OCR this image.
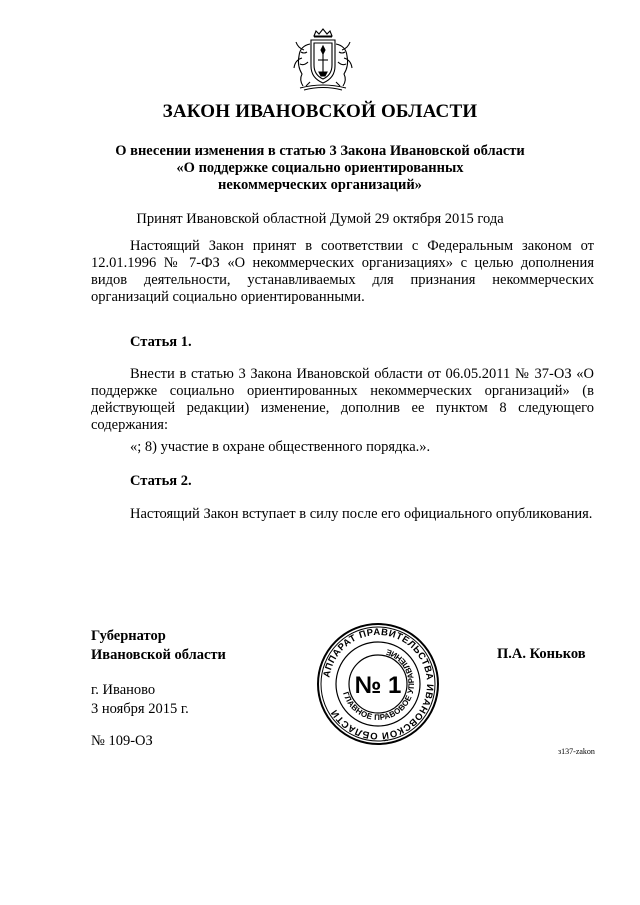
ЗАКОН ИВАНОВСКОЙ ОБЛАСТИ
О внесении изменения в статью 3 Закона Ивановской области
«О поддержке социально ориентированных
некоммерческих организаций»
Принят Ивановской областной Думой 29 октября 2015 года
Настоящий Закон принят в соответствии с Федеральным законом от 12.01.1996 № 7-ФЗ «О некоммерческих организациях» с целью дополнения видов деятельности, устанавливаемых для признания некоммерческих организаций социально ориентированными.
Статья 1.
Внести в статью 3 Закона Ивановской области от 06.05.2011 № 37-ОЗ «О поддержке социально ориентированных некоммерческих организаций» (в действующей редакции) изменение, дополнив ее пунктом 8 следующего содержания:
«; 8) участие в охране общественного порядка.».
Статья 2.
Настоящий Закон вступает в силу после его официального опубликования.
Губернатор
Ивановской области	П.А. Коньков
АППАРАТ ПРАВИТЕЛЬСТВА ИВАНОВСКОЙ ОБЛАСТИ
ГЛАВНОЕ ПРАВОВОЕ УПРАВЛЕНИЕ
№ 1
г. Иваново
3 ноября 2015 г.
№ 109-ОЗ
з137-zakon
